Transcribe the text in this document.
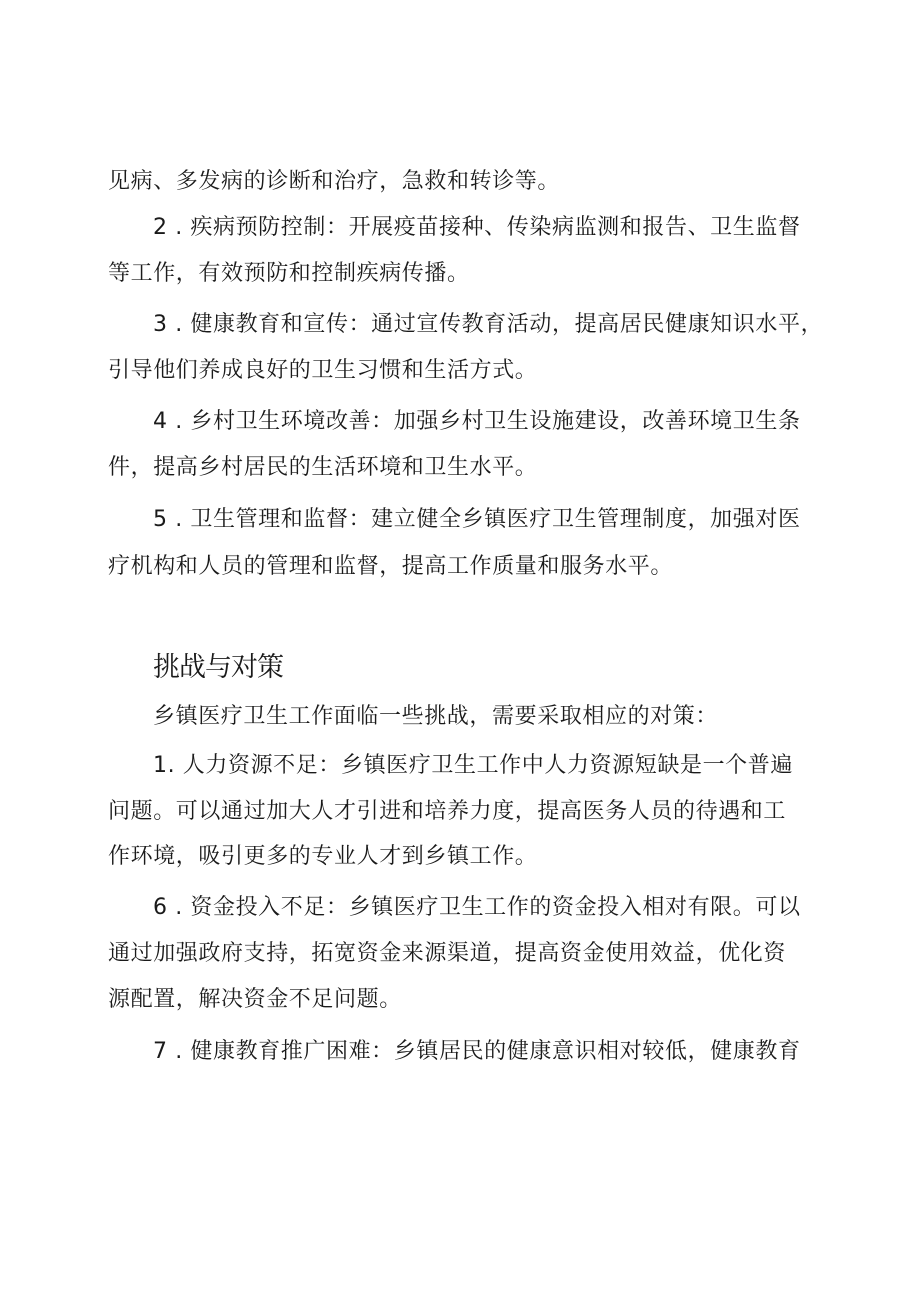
见病、多发病的诊断和治疗，急救和转诊等。
2 . 疾病预防控制：开展疫苗接种、传染病监测和报告、卫生监督
等工作，有效预防和控制疾病传播。
3 . 健康教育和宣传：通过宣传教育活动，提高居民健康知识水平，
引导他们养成良好的卫生习惯和生活方式。
4 . 乡村卫生环境改善：加强乡村卫生设施建设，改善环境卫生条
件，提高乡村居民的生活环境和卫生水平。
5 . 卫生管理和监督：建立健全乡镇医疗卫生管理制度，加强对医
疗机构和人员的管理和监督，提高工作质量和服务水平。
挑战与对策
乡镇医疗卫生工作面临一些挑战，需要采取相应的对策：
1. 人力资源不足：乡镇医疗卫生工作中人力资源短缺是一个普遍
问题。可以通过加大人才引进和培养力度，提高医务人员的待遇和工
作环境，吸引更多的专业人才到乡镇工作。
6 . 资金投入不足：乡镇医疗卫生工作的资金投入相对有限。可以
通过加强政府支持，拓宽资金来源渠道，提高资金使用效益，优化资
源配置，解决资金不足问题。
7 . 健康教育推广困难：乡镇居民的健康意识相对较低，健康教育
